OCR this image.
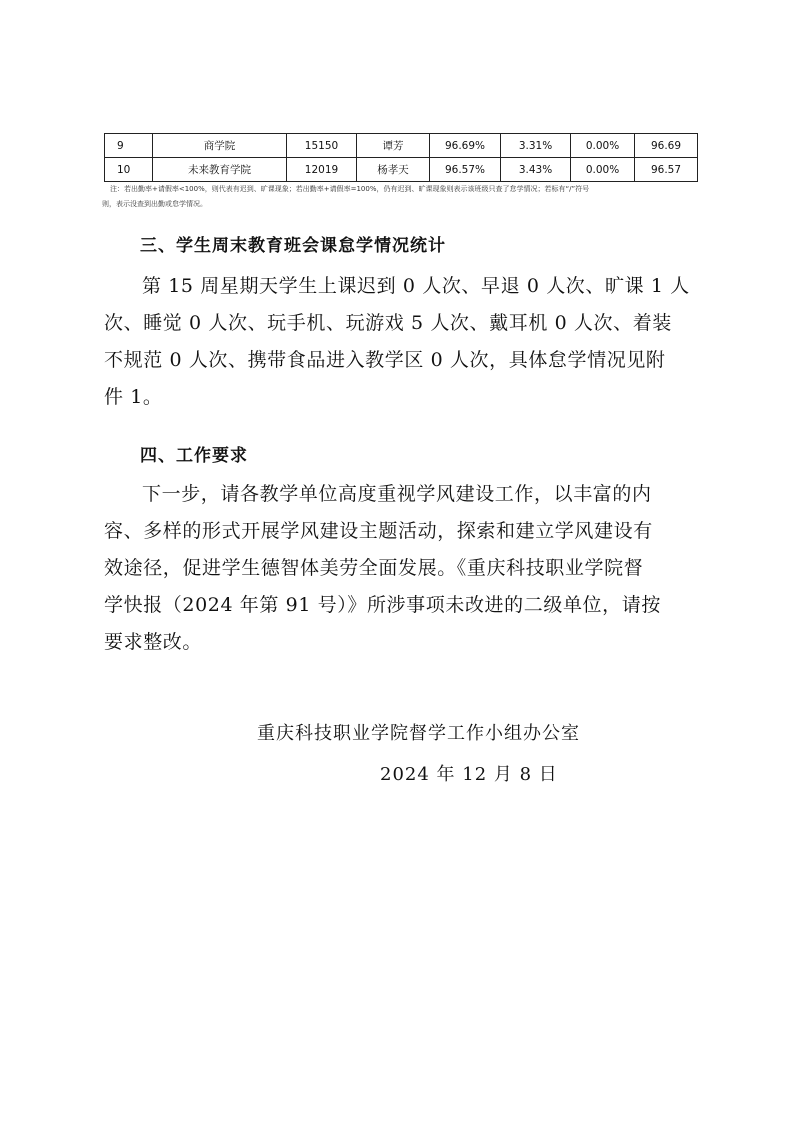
9	商学院	15150	谭芳	96.69%	3.31%	0.00%	96.69
10	未来教育学院	12019	杨孝天	96.57%	3.43%	0.00%	96.57
注：若出勤率+请假率<100%，则代表有迟到、旷课现象；若出勤率+请假率=100%，仍有迟到、旷课现象则表示该班级只查了怠学情况；若标有“/”符号
则，表示没查到出勤或怠学情况。
三、学生周末教育班会课怠学情况统计

第 15 周星期天学生上课迟到 0 人次、早退 0 人次、旷课 1 人
次、睡觉 0 人次、玩手机、玩游戏 5 人次、戴耳机 0 人次、着装
不规范 0 人次、携带食品进入教学区 0 人次，具体怠学情况见附
件 1。

四、工作要求

下一步，请各教学单位高度重视学风建设工作，以丰富的内
容、多样的形式开展学风建设主题活动，探索和建立学风建设有
效途径，促进学生德智体美劳全面发展。《重庆科技职业学院督
学快报（2024 年第 91 号）》所涉事项未改进的二级单位，请按
要求整改。

重庆科技职业学院督学工作小组办公室
2024 年 12 月 8 日
